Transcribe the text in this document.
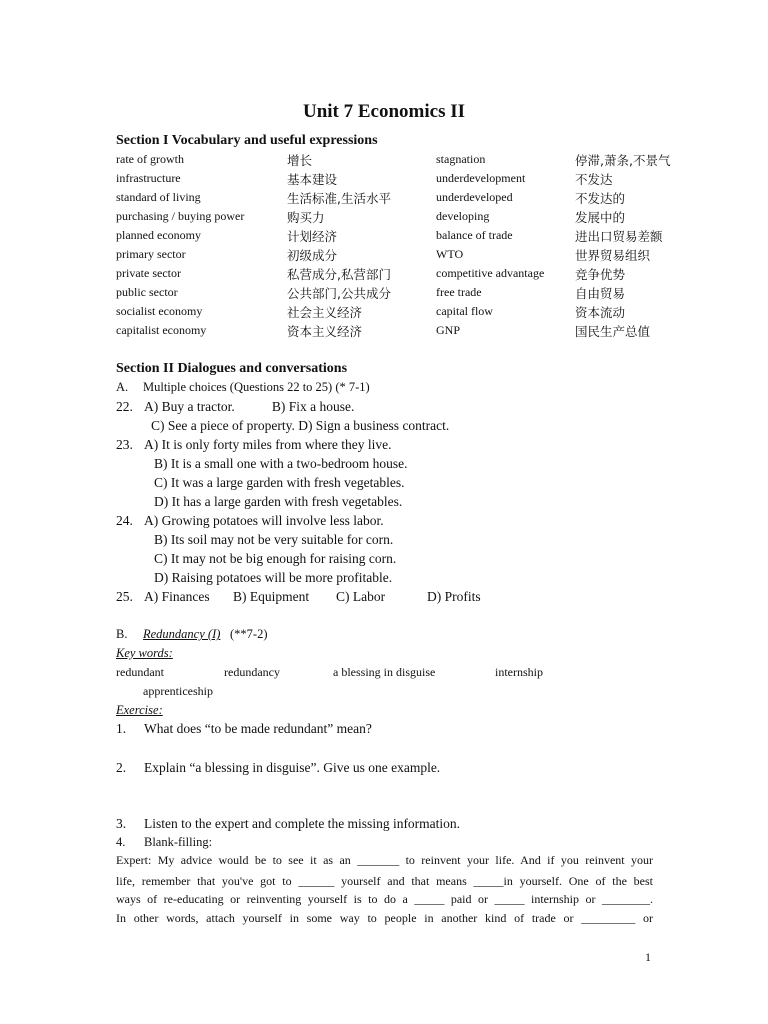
Unit 7 Economics II
Section I Vocabulary and useful expressions
rate of growth	增长	stagnation	停滞,萧条,不景气
infrastructure	基本建设	underdevelopment	不发达
standard of living	生活标准,生活水平	underdeveloped	不发达的
purchasing / buying power	购买力	developing	发展中的
planned economy	计划经济	balance of trade	进出口贸易差额
primary sector	初级成分	WTO	世界贸易组织
private sector	私营成分,私营部门	competitive advantage 竞争优势
public sector	公共部门,公共成分	free trade	自由贸易
socialist economy	社会主义经济	capital flow	资本流动
capitalist economy	资本主义经济	GNP	国民生产总值
Section II Dialogues and conversations
A. Multiple choices (Questions 22 to 25) (* 7-1)
22. A) Buy a tractor.           B) Fix a house.
C) See a piece of property. D) Sign a business contract.
23. A) It is only forty miles from where they live.
B) It is a small one with a two-bedroom house.
C) It was a large garden with fresh vegetables.
D) It has a large garden with fresh vegetables.
24. A) Growing potatoes will involve less labor.
B) Its soil may not be very suitable for corn.
C) It may not be big enough for raising corn.
D) Raising potatoes will be more profitable.
25. A) Finances B) Equipment C) Labor	D) Profits
B. Redundancy (I) (**7-2)
Key words:
redundant	redundancy	a blessing in disguise	internship
apprenticeship
Exercise:
1. What does “to be made redundant” mean?
2. Explain “a blessing in disguise”. Give us one example.
3. Listen to the expert and complete the missing information.
4. Blank-filling:
Expert: My advice would be to see it as an _______ to reinvent your life. And if you reinvent your
life, remember that you've got to ______ yourself and that means _____in yourself. One of the best
ways of re-educating or reinventing yourself is to do a _____ paid or _____ internship or ________.
In other words, attach yourself in some way to people in another kind of trade or _________ or
1
